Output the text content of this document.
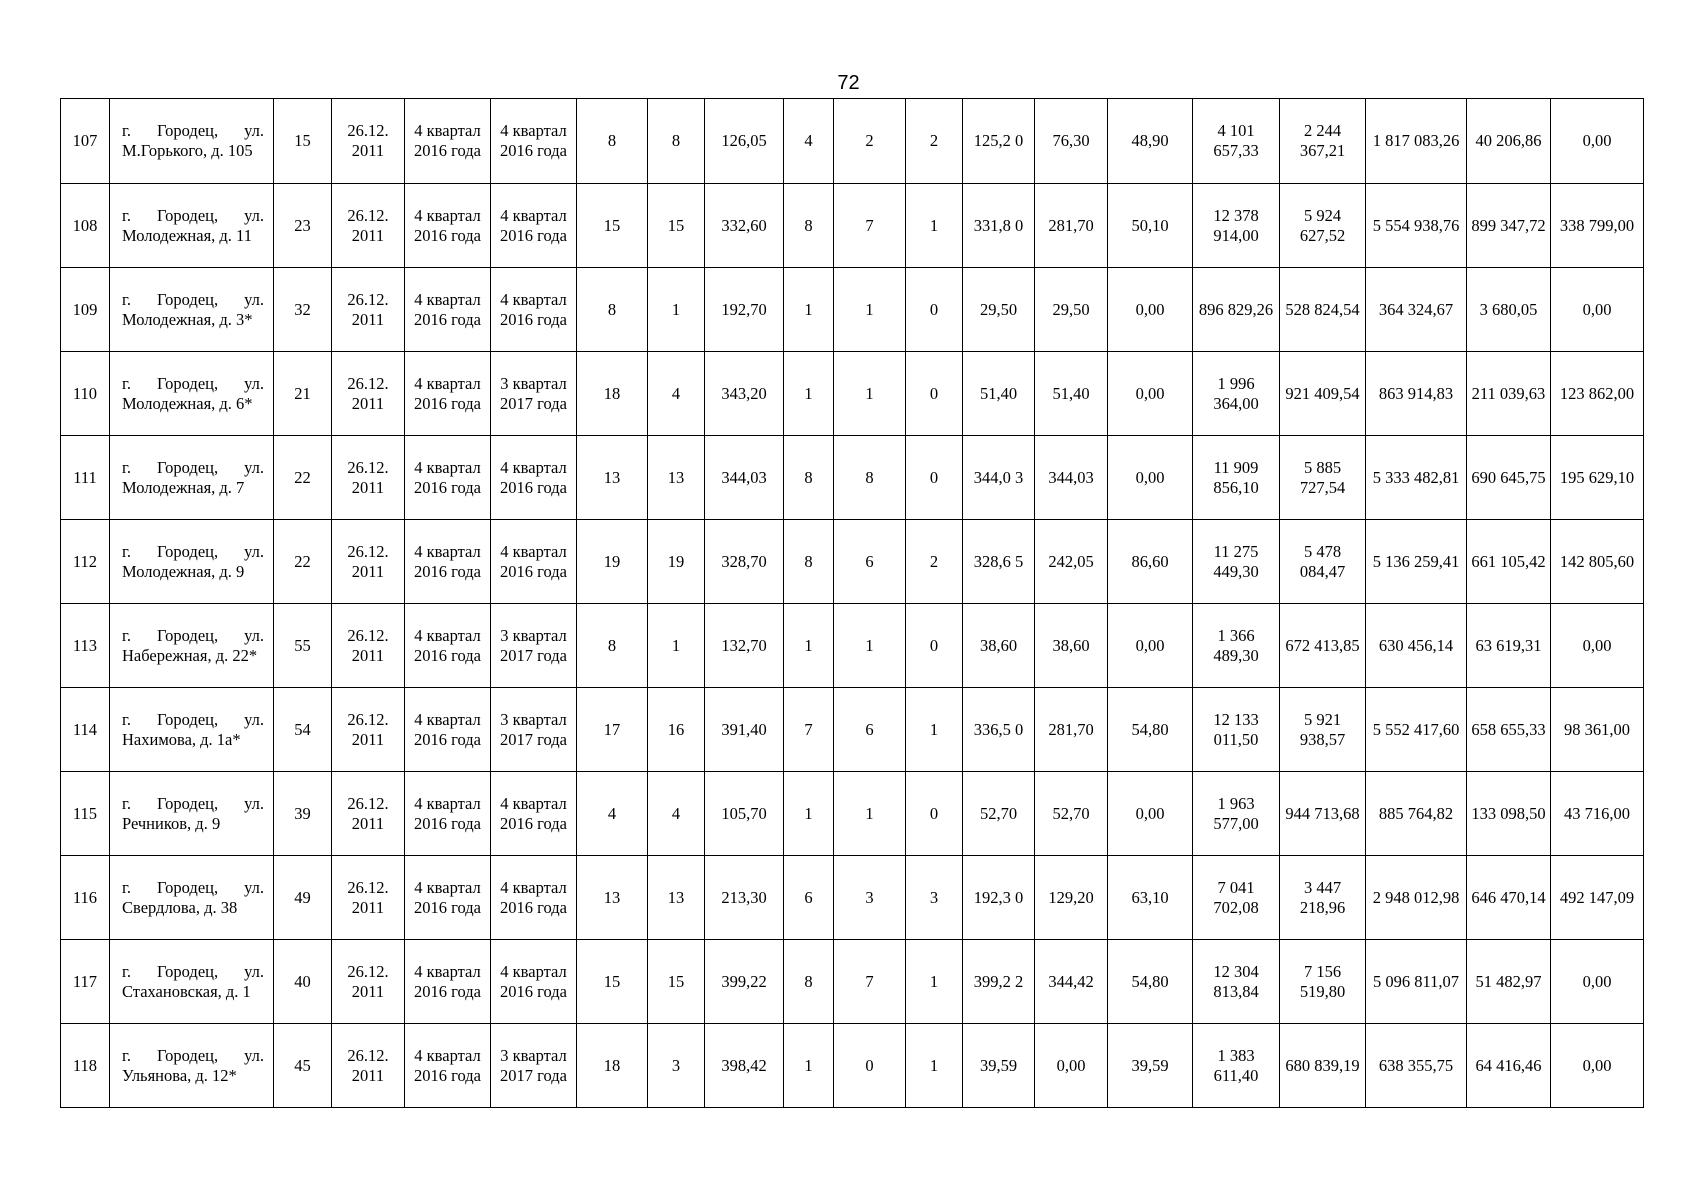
72
107	г. Городец, ул. М.Горького, д. 105	15	26.12. 2011	4 квартал 2016 года	4 квартал 2016 года	8	8	126,05	4	2	2	125,2 0	76,30	48,90	4 101 657,33	2 244 367,21	1 817 083,26	40 206,86	0,00
108	г. Городец, ул. Молодежная, д. 11	23	26.12. 2011	4 квартал 2016 года	4 квартал 2016 года	15	15	332,60	8	7	1	331,8 0	281,70	50,10	12 378 914,00	5 924 627,52	5 554 938,76	899 347,72	338 799,00
109	г. Городец, ул. Молодежная, д. 3*	32	26.12. 2011	4 квартал 2016 года	4 квартал 2016 года	8	1	192,70	1	1	0	29,50	29,50	0,00	896 829,26	528 824,54	364 324,67	3 680,05	0,00
110	г. Городец, ул. Молодежная, д. 6*	21	26.12. 2011	4 квартал 2016 года	3 квартал 2017 года	18	4	343,20	1	1	0	51,40	51,40	0,00	1 996 364,00	921 409,54	863 914,83	211 039,63	123 862,00
111	г. Городец, ул. Молодежная, д. 7	22	26.12. 2011	4 квартал 2016 года	4 квартал 2016 года	13	13	344,03	8	8	0	344,0 3	344,03	0,00	11 909 856,10	5 885 727,54	5 333 482,81	690 645,75	195 629,10
112	г. Городец, ул. Молодежная, д. 9	22	26.12. 2011	4 квартал 2016 года	4 квартал 2016 года	19	19	328,70	8	6	2	328,6 5	242,05	86,60	11 275 449,30	5 478 084,47	5 136 259,41	661 105,42	142 805,60
113	г. Городец, ул. Набережная, д. 22*	55	26.12. 2011	4 квартал 2016 года	3 квартал 2017 года	8	1	132,70	1	1	0	38,60	38,60	0,00	1 366 489,30	672 413,85	630 456,14	63 619,31	0,00
114	г. Городец, ул. Нахимова, д. 1а*	54	26.12. 2011	4 квартал 2016 года	3 квартал 2017 года	17	16	391,40	7	6	1	336,5 0	281,70	54,80	12 133 011,50	5 921 938,57	5 552 417,60	658 655,33	98 361,00
115	г. Городец, ул. Речников, д. 9	39	26.12. 2011	4 квартал 2016 года	4 квартал 2016 года	4	4	105,70	1	1	0	52,70	52,70	0,00	1 963 577,00	944 713,68	885 764,82	133 098,50	43 716,00
116	г. Городец, ул. Свердлова, д. 38	49	26.12. 2011	4 квартал 2016 года	4 квартал 2016 года	13	13	213,30	6	3	3	192,3 0	129,20	63,10	7 041 702,08	3 447 218,96	2 948 012,98	646 470,14	492 147,09
117	г. Городец, ул. Стахановская, д. 1	40	26.12. 2011	4 квартал 2016 года	4 квартал 2016 года	15	15	399,22	8	7	1	399,2 2	344,42	54,80	12 304 813,84	7 156 519,80	5 096 811,07	51 482,97	0,00
118	г. Городец, ул. Ульянова, д. 12*	45	26.12. 2011	4 квартал 2016 года	3 квартал 2017 года	18	3	398,42	1	0	1	39,59	0,00	39,59	1 383 611,40	680 839,19	638 355,75	64 416,46	0,00
